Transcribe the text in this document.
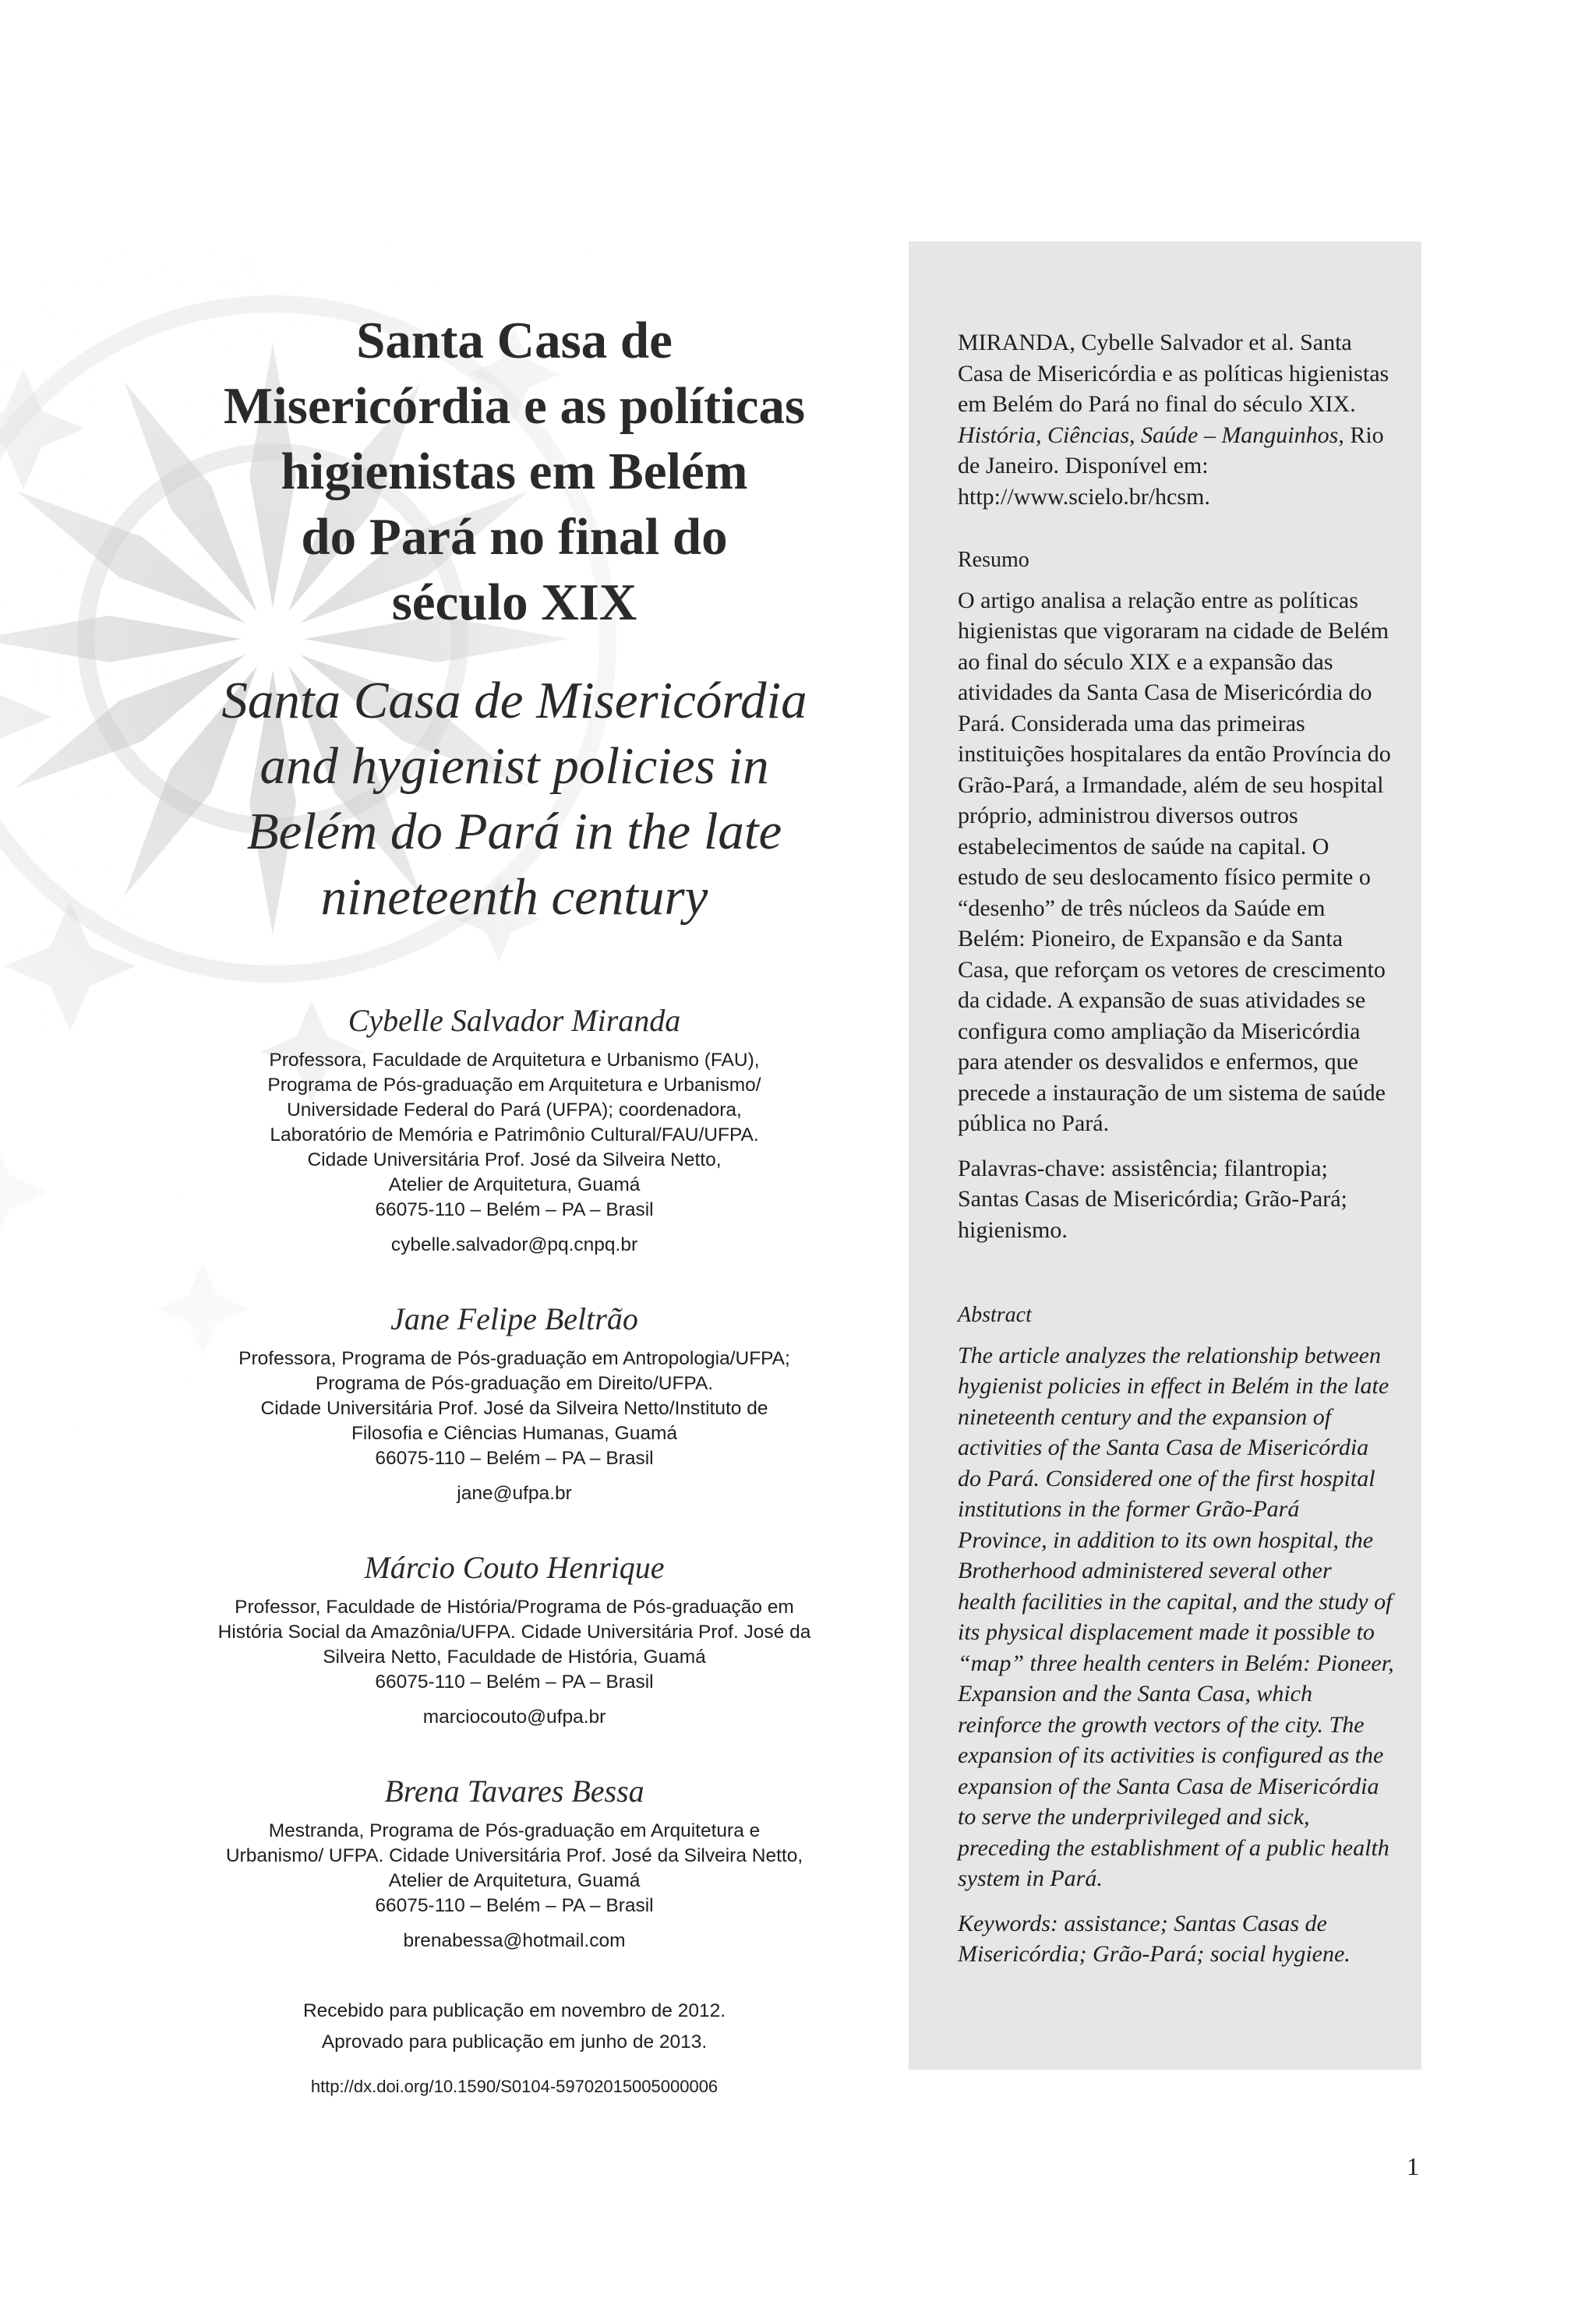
Santa Casa de
Misericórdia e as políticas
higienistas em Belém
do Pará no final do
século XIX
Santa Casa de Misericórdia
and hygienist policies in
Belém do Pará in the late
nineteenth century
Cybelle Salvador Miranda
Professora, Faculdade de Arquitetura e Urbanismo (FAU),
Programa de Pós-graduação em Arquitetura e Urbanismo/
Universidade Federal do Pará (UFPA); coordenadora,
Laboratório de Memória e Patrimônio Cultural/FAU/UFPA.
Cidade Universitária Prof. José da Silveira Netto,
Atelier de Arquitetura, Guamá
66075-110 – Belém – PA – Brasil
cybelle.salvador@pq.cnpq.br
Jane Felipe Beltrão
Professora, Programa de Pós-graduação em Antropologia/UFPA;
Programa de Pós-graduação em Direito/UFPA.
Cidade Universitária Prof. José da Silveira Netto/Instituto de
Filosofia e Ciências Humanas, Guamá
66075-110 – Belém – PA – Brasil
jane@ufpa.br
Márcio Couto Henrique
Professor, Faculdade de História/Programa de Pós-graduação em
História Social da Amazônia/UFPA. Cidade Universitária Prof. José da
Silveira Netto, Faculdade de História, Guamá
66075-110 – Belém – PA – Brasil
marciocouto@ufpa.br
Brena Tavares Bessa
Mestranda, Programa de Pós-graduação em Arquitetura e
Urbanismo/ UFPA. Cidade Universitária Prof. José da Silveira Netto,
Atelier de Arquitetura, Guamá
66075-110 – Belém – PA – Brasil
brenabessa@hotmail.com
Recebido para publicação em novembro de 2012.
Aprovado para publicação em junho de 2013.
http://dx.doi.org/10.1590/S0104-59702015005000006

MIRANDA, Cybelle Salvador et al. Santa Casa de Misericórdia e as políticas higienistas em Belém do Pará no final do século XIX. História, Ciências, Saúde – Manguinhos, Rio de Janeiro. Disponível em: http://www.scielo.br/hcsm.

Resumo

O artigo analisa a relação entre as políticas higienistas que vigoraram na cidade de Belém ao final do século XIX e a expansão das atividades da Santa Casa de Misericórdia do Pará. Considerada uma das primeiras instituições hospitalares da então Província do Grão-Pará, a Irmandade, além de seu hospital próprio, administrou diversos outros estabelecimentos de saúde na capital. O estudo de seu deslocamento físico permite o “desenho” de três núcleos da Saúde em Belém: Pioneiro, de Expansão e da Santa Casa, que reforçam os vetores de crescimento da cidade. A expansão de suas atividades se configura como ampliação da Misericórdia para atender os desvalidos e enfermos, que precede a instauração de um sistema de saúde pública no Pará.

Palavras-chave: assistência; filantropia; Santas Casas de Misericórdia; Grão-Pará; higienismo.

Abstract

The article analyzes the relationship between hygienist policies in effect in Belém in the late nineteenth century and the expansion of activities of the Santa Casa de Misericórdia do Pará. Considered one of the first hospital institutions in the former Grão-Pará Province, in addition to its own hospital, the Brotherhood administered several other health facilities in the capital, and the study of its physical displacement made it possible to “map” three health centers in Belém: Pioneer, Expansion and the Santa Casa, which reinforce the growth vectors of the city. The expansion of its activities is configured as the expansion of the Santa Casa de Misericórdia to serve the underprivileged and sick, preceding the establishment of a public health system in Pará.

Keywords: assistance; Santas Casas de Misericórdia; Grão-Pará; social hygiene.

1
